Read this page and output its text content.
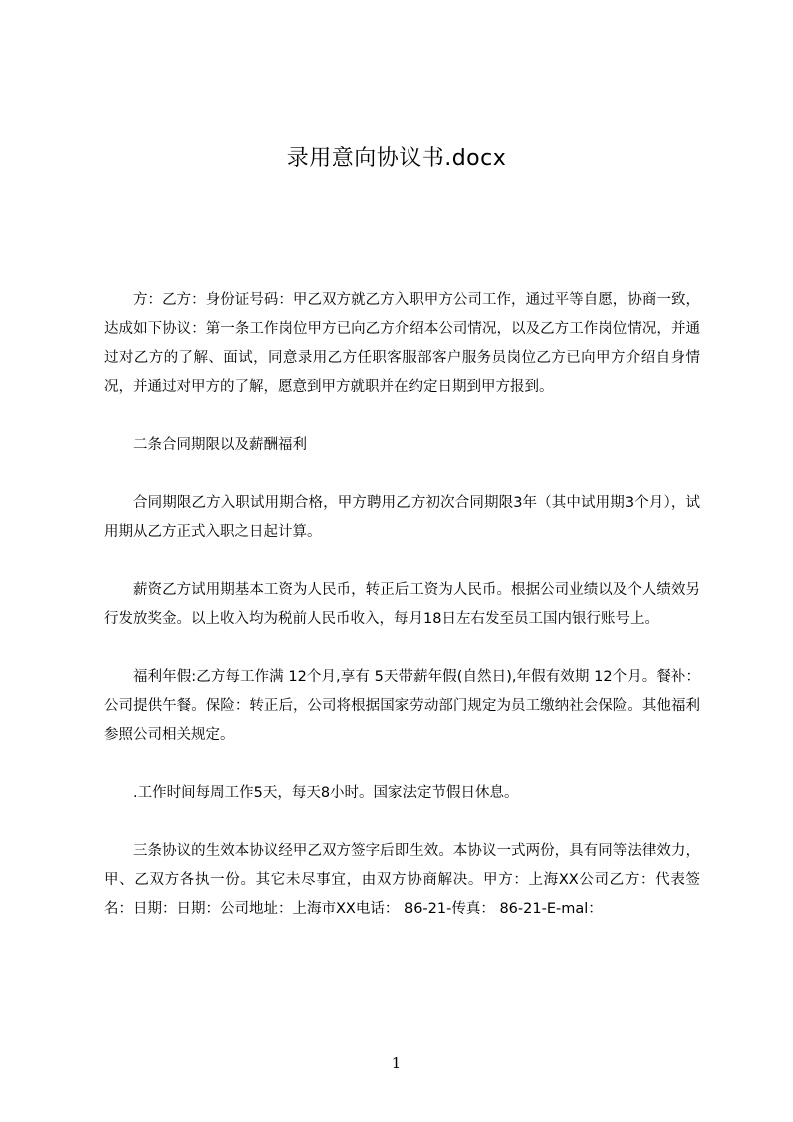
录用意向协议书.docx

方：乙方：身份证号码：甲乙双方就乙方入职甲方公司工作，通过平等自愿，协商一致，达成如下协议：第一条工作岗位甲方已向乙方介绍本公司情况，以及乙方工作岗位情况，并通过对乙方的了解、面试，同意录用乙方任职客服部客户服务员岗位乙方已向甲方介绍自身情况，并通过对甲方的了解，愿意到甲方就职并在约定日期到甲方报到。

二条合同期限以及薪酬福利

合同期限乙方入职试用期合格，甲方聘用乙方初次合同期限3年（其中试用期3个月），试用期从乙方正式入职之日起计算。

薪资乙方试用期基本工资为人民币，转正后工资为人民币。根据公司业绩以及个人绩效另行发放奖金。以上收入均为税前人民币收入，每月18日左右发至员工国内银行账号上。

福利年假:乙方每工作满 12个月,享有 5天带薪年假(自然日),年假有效期 12个月。餐补：公司提供午餐。保险：转正后，公司将根据国家劳动部门规定为员工缴纳社会保险。其他福利参照公司相关规定。

.工作时间每周工作5天，每天8小时。国家法定节假日休息。

三条协议的生效本协议经甲乙双方签字后即生效。本协议一式两份，具有同等法律效力，甲、乙双方各执一份。其它未尽事宜，由双方协商解决。甲方：上海XX公司乙方：代表签名：日期：日期：公司地址：上海市XX电话： 86-21-传真： 86-21-E-mal：

1
